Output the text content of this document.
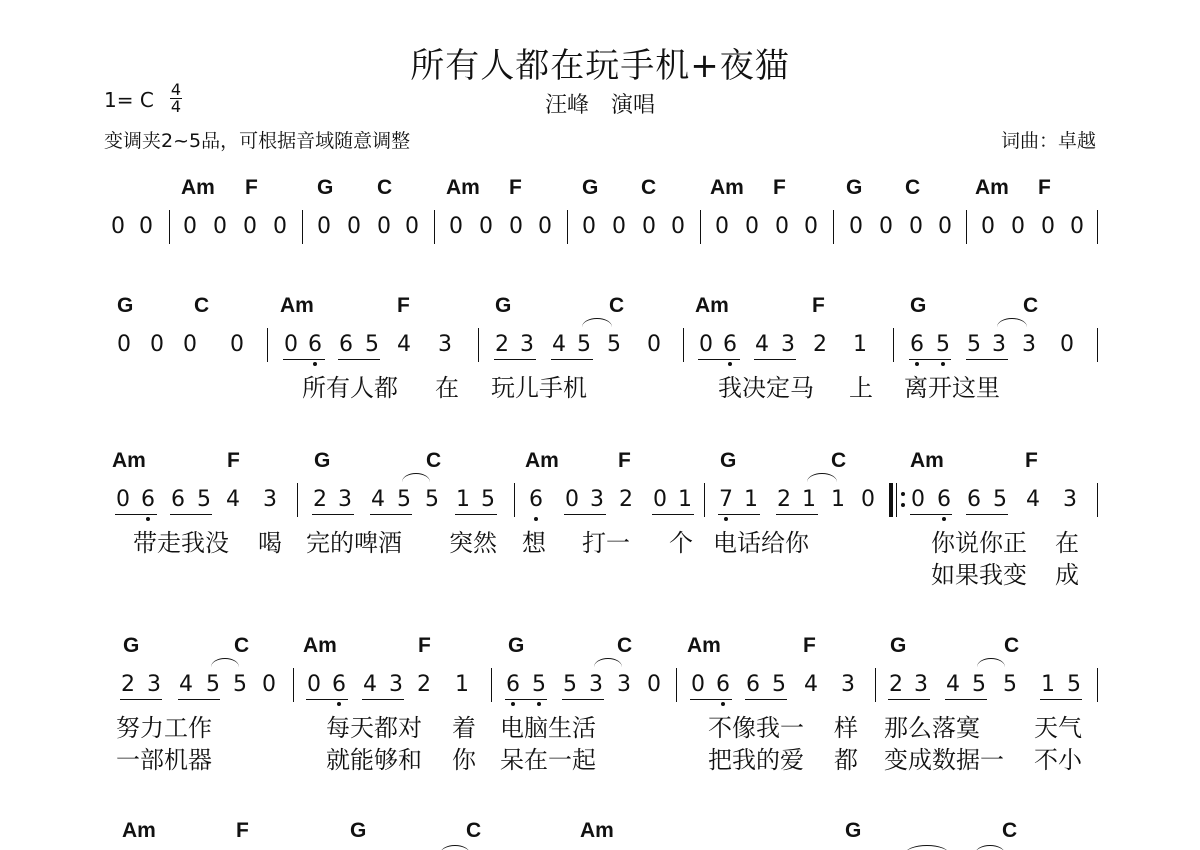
所有人都在玩手机+夜猫
1= C $\frac{4}{4}$	汪峰　演唱
变调夹2~5品，可根据音域随意调整	词曲：卓越
Am F	G C	Am F	G C	Am F	G C	Am F
0 0 0 0 0 0 0 0 0 0 0 0 0 0 0 0 0 0 0 0 0 0 0 0 0 0 0 0 0 0
G	C	Am	F	G	C	Am	F	G	C
0 0 0 0 0 6 6 5 4 3 2 3 4 5 5 0 0 6 4 3 2 1 6 5 5 3 3 0
所有人都 在 玩儿手机	我决定马 上 离开这里
Am	F	G	C	Am	F	G	C	Am	F
0 6 6 5 4 3 2 3 4 5 5 1 5 6 0 3 2 0 1 7 1 2 1 1 0 0 6 6 5 4 3
带走我没 喝 完的啤酒 突然 想 打一 个 电话给你	你说你正 在
如果我变 成
G	C	Am	F	G	C	Am	F	G	C
2 3 4 5 5 0 0 6 4 3 2 1 6 5 5 3 3 0 0 6 6 5 4 3 2 3 4 5 5 1 5
努力工作	每天都对 着 电脑生活	不像我一 样 那么落寞 天气
一部机器	就能够和 你 呆在一起	把我的爱 都 变成数据一 不小
Am	F	G	C	Am	G	C
